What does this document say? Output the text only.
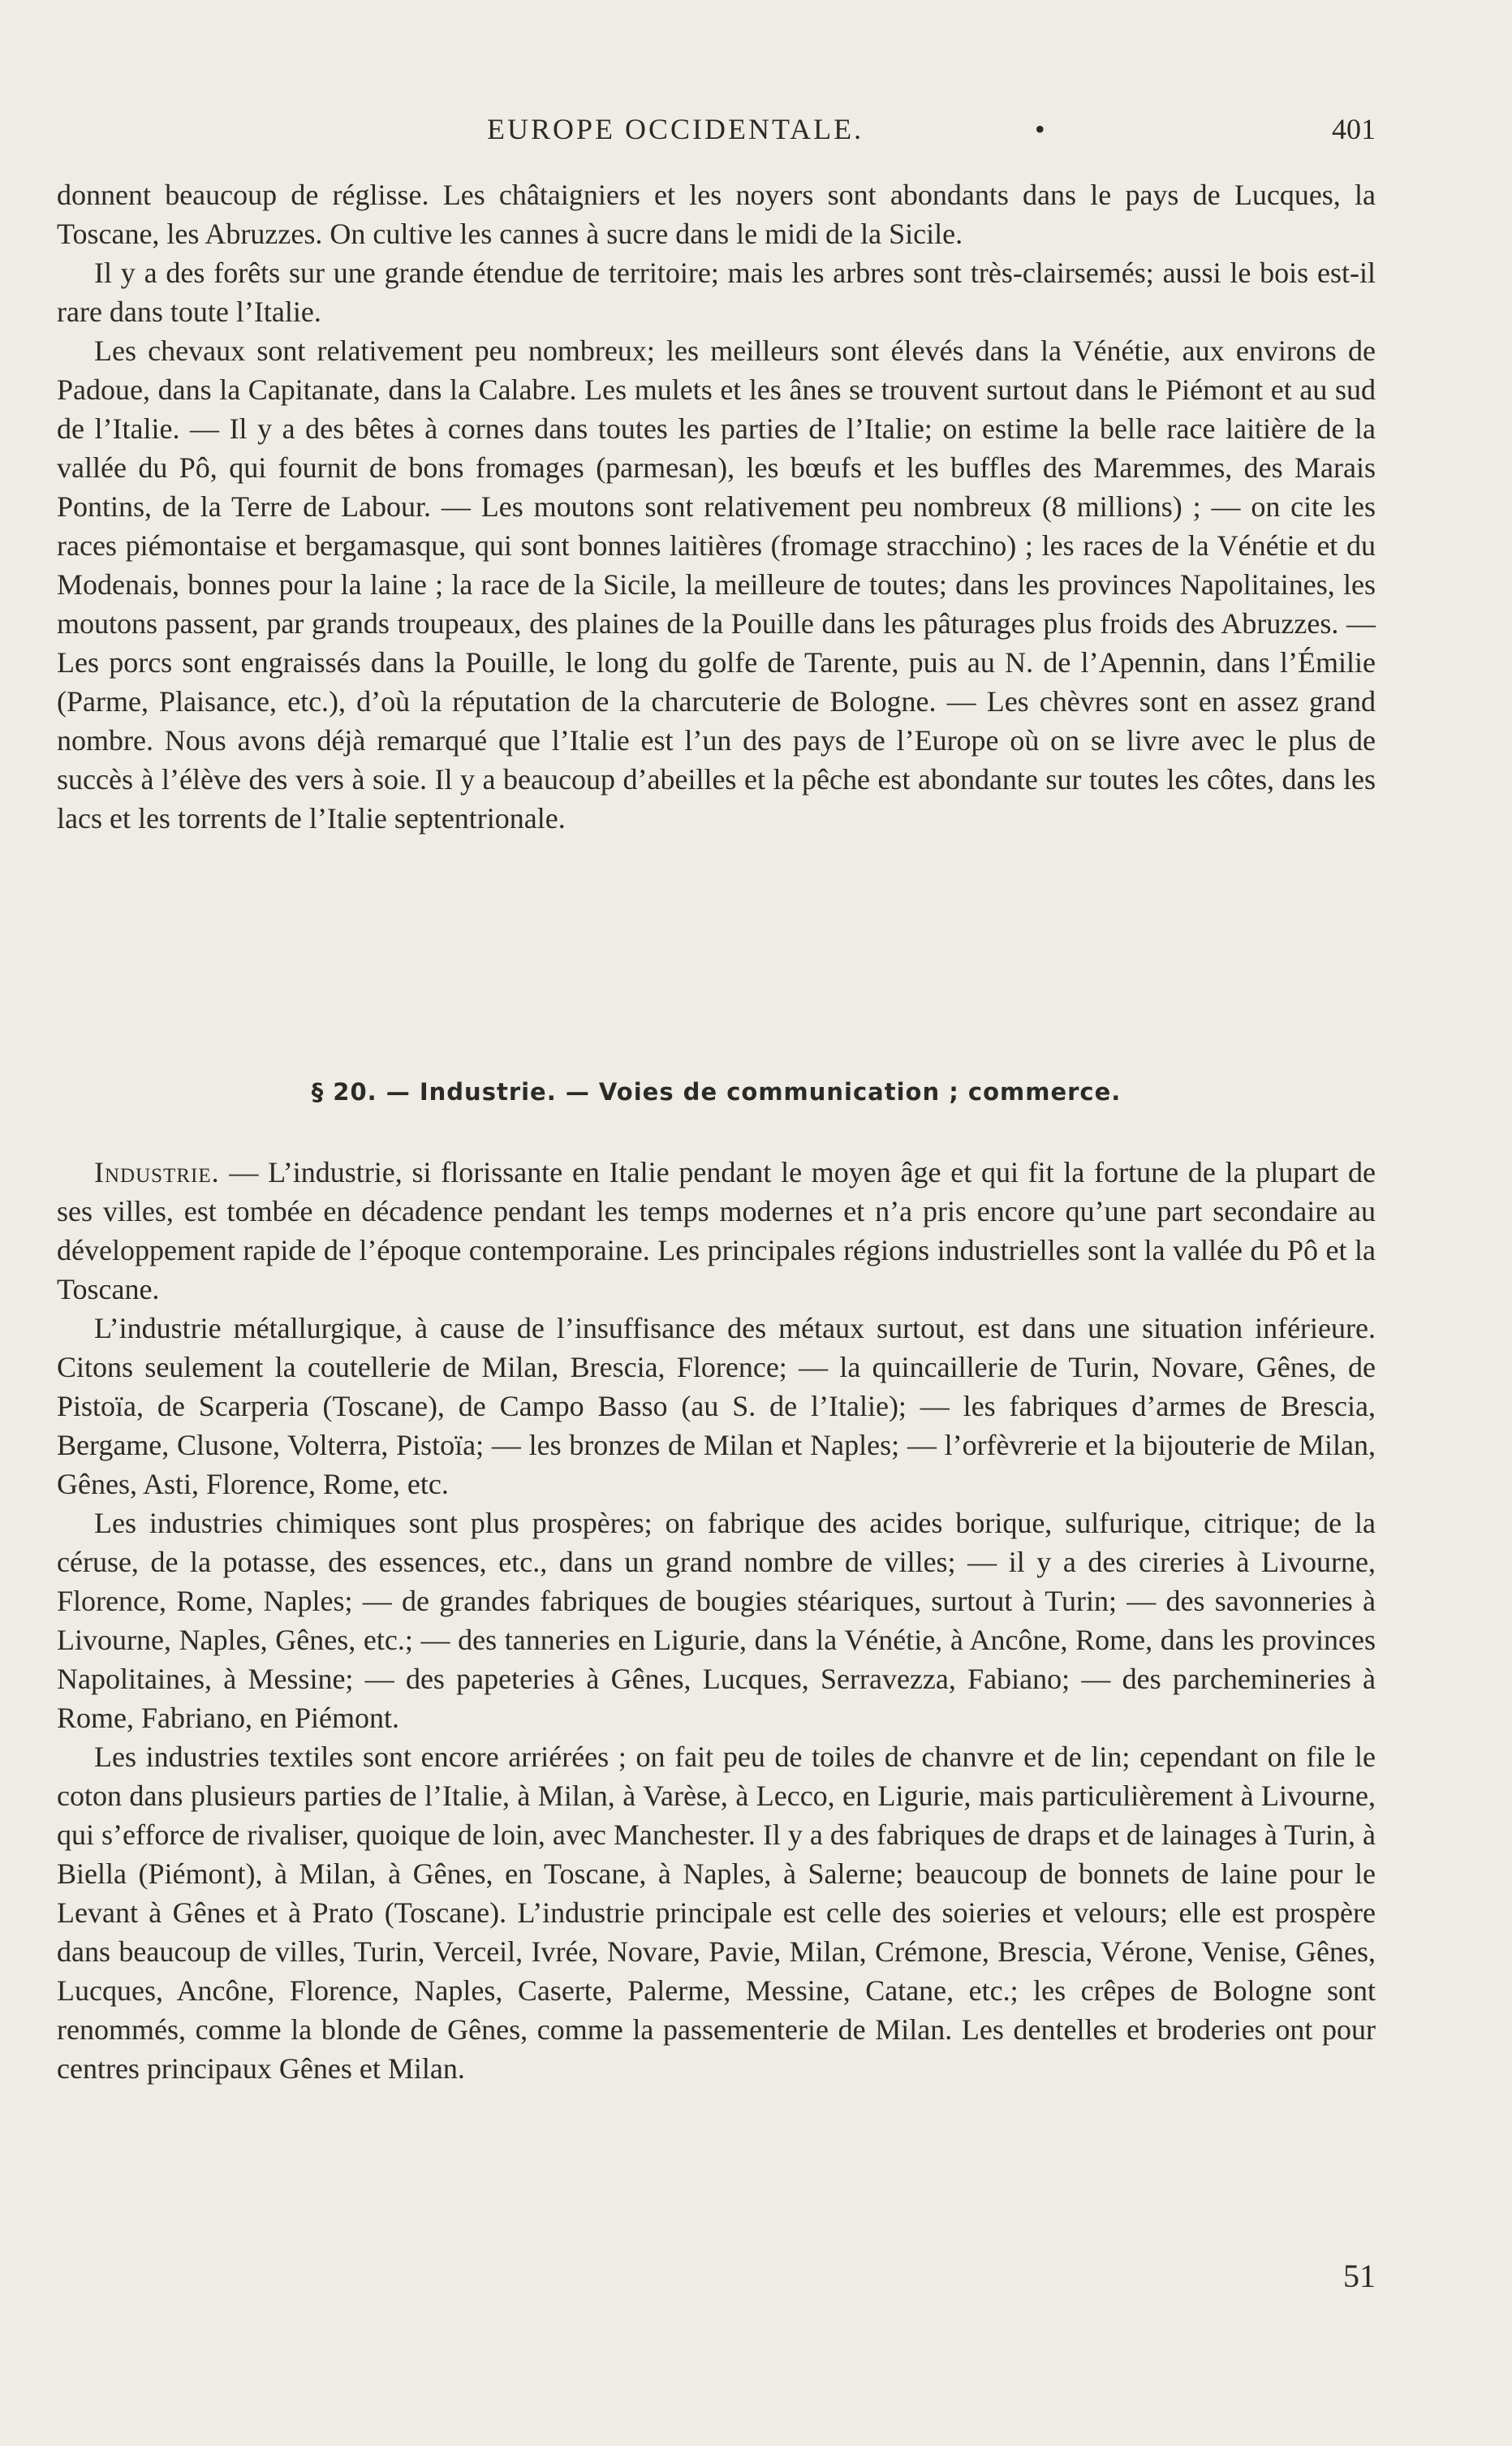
EUROPE OCCIDENTALE.	•	401

donnent beaucoup de réglisse. Les châtaigniers et les noyers sont abondants dans le pays de Lucques, la Toscane, les Abruzzes. On cultive les cannes à sucre dans le midi de la Sicile.

Il y a des forêts sur une grande étendue de territoire; mais les arbres sont très-clairsemés; aussi le bois est-il rare dans toute l’Italie.

Les chevaux sont relativement peu nombreux; les meilleurs sont élevés dans la Vénétie, aux environs de Padoue, dans la Capitanate, dans la Calabre. Les mulets et les ânes se trouvent surtout dans le Piémont et au sud de l’Italie. — Il y a des bêtes à cornes dans toutes les parties de l’Italie; on estime la belle race laitière de la vallée du Pô, qui fournit de bons fromages (parmesan), les bœufs et les buffles des Maremmes, des Marais Pontins, de la Terre de Labour. — Les moutons sont relativement peu nombreux (8 millions) ; — on cite les races piémontaise et bergamasque, qui sont bonnes laitières (fromage stracchino) ; les races de la Vénétie et du Modenais, bonnes pour la laine ; la race de la Sicile, la meilleure de toutes; dans les provinces Napolitaines, les moutons passent, par grands troupeaux, des plaines de la Pouille dans les pâturages plus froids des Abruzzes. — Les porcs sont engraissés dans la Pouille, le long du golfe de Tarente, puis au N. de l’Apennin, dans l’Émilie (Parme, Plaisance, etc.), d’où la réputation de la charcuterie de Bologne. — Les chèvres sont en assez grand nombre. Nous avons déjà remarqué que l’Italie est l’un des pays de l’Europe où on se livre avec le plus de succès à l’élève des vers à soie. Il y a beaucoup d’abeilles et la pêche est abondante sur toutes les côtes, dans les lacs et les torrents de l’Italie septentrionale.

§ 20. — Industrie. — Voies de communication ; commerce.

Industrie. — L’industrie, si florissante en Italie pendant le moyen âge et qui fit la fortune de la plupart de ses villes, est tombée en décadence pendant les temps modernes et n’a pris encore qu’une part secondaire au développement rapide de l’époque contemporaine. Les principales régions industrielles sont la vallée du Pô et la Toscane.

L’industrie métallurgique, à cause de l’insuffisance des métaux surtout, est dans une situation inférieure. Citons seulement la coutellerie de Milan, Brescia, Florence; — la quincaillerie de Turin, Novare, Gênes, de Pistoïa, de Scarperia (Toscane), de Campo Basso (au S. de l’Italie); — les fabriques d’armes de Brescia, Bergame, Clusone, Volterra, Pistoïa; — les bronzes de Milan et Naples; — l’orfèvrerie et la bijouterie de Milan, Gênes, Asti, Florence, Rome, etc.

Les industries chimiques sont plus prospères; on fabrique des acides borique, sulfurique, citrique; de la céruse, de la potasse, des essences, etc., dans un grand nombre de villes; — il y a des cireries à Livourne, Florence, Rome, Naples; — de grandes fabriques de bougies stéariques, surtout à Turin; — des savonneries à Livourne, Naples, Gênes, etc.; — des tanneries en Ligurie, dans la Vénétie, à Ancône, Rome, dans les provinces Napolitaines, à Messine; — des papeteries à Gênes, Lucques, Serravezza, Fabiano; — des parchemineries à Rome, Fabriano, en Piémont.

Les industries textiles sont encore arriérées ; on fait peu de toiles de chanvre et de lin; cependant on file le coton dans plusieurs parties de l’Italie, à Milan, à Varèse, à Lecco, en Ligurie, mais particulièrement à Livourne, qui s’efforce de rivaliser, quoique de loin, avec Manchester. Il y a des fabriques de draps et de lainages à Turin, à Biella (Piémont), à Milan, à Gênes, en Toscane, à Naples, à Salerne; beaucoup de bonnets de laine pour le Levant à Gênes et à Prato (Toscane). L’industrie principale est celle des soieries et velours; elle est prospère dans beaucoup de villes, Turin, Verceil, Ivrée, Novare, Pavie, Milan, Crémone, Brescia, Vérone, Venise, Gênes, Lucques, Ancône, Florence, Naples, Caserte, Palerme, Messine, Catane, etc.; les crêpes de Bologne sont renommés, comme la blonde de Gênes, comme la passementerie de Milan. Les dentelles et broderies ont pour centres principaux Gênes et Milan.

51
